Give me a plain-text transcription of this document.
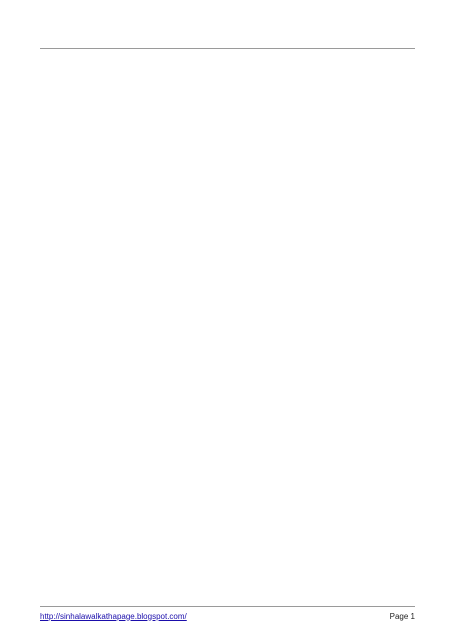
http://sinhalawalkathapage.blogspot.com/	Page 1
